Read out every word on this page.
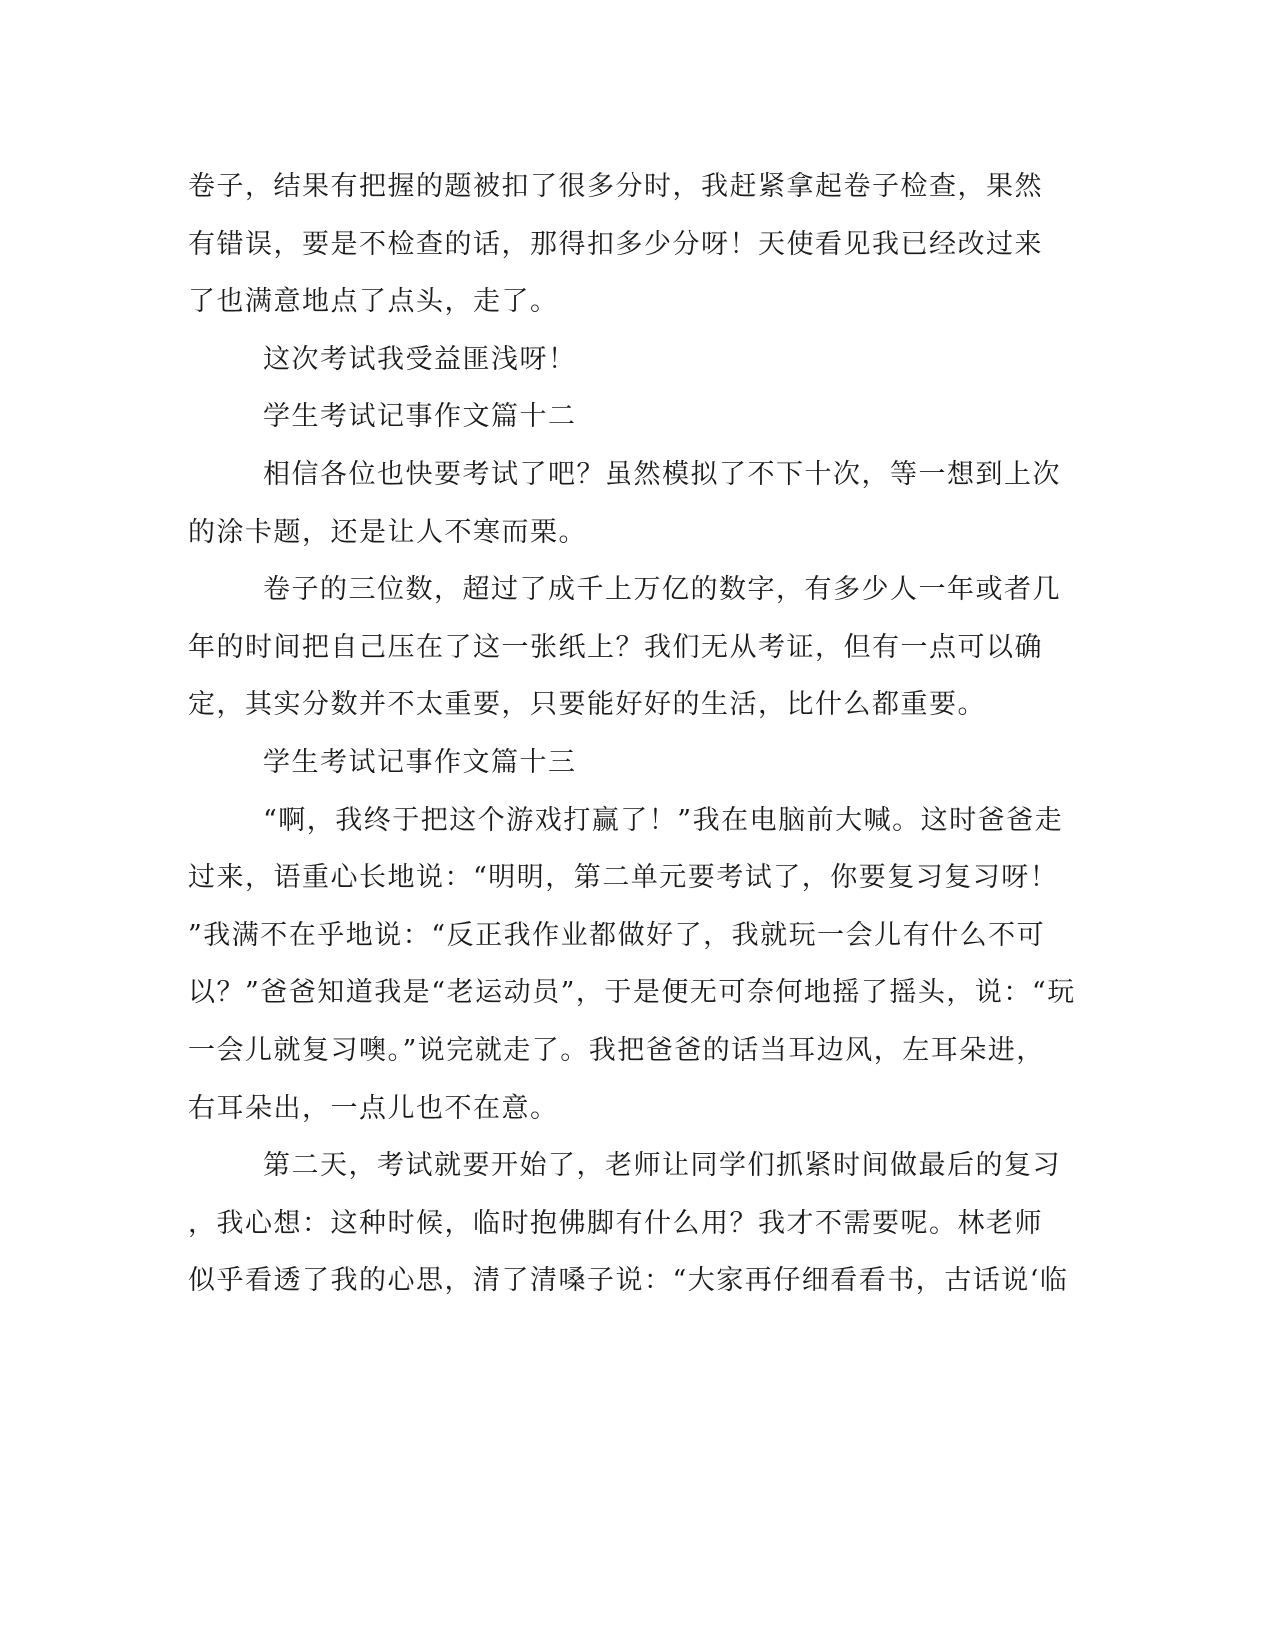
卷子，结果有把握的题被扣了很多分时，我赶紧拿起卷子检查，果然
有错误，要是不检查的话，那得扣多少分呀！天使看见我已经改过来
了也满意地点了点头，走了。
这次考试我受益匪浅呀！
学生考试记事作文篇十二
相信各位也快要考试了吧？虽然模拟了不下十次，等一想到上次
的涂卡题，还是让人不寒而栗。
卷子的三位数，超过了成千上万亿的数字，有多少人一年或者几
年的时间把自己压在了这一张纸上？我们无从考证，但有一点可以确
定，其实分数并不太重要，只要能好好的生活，比什么都重要。
学生考试记事作文篇十三
“啊，我终于把这个游戏打赢了！”我在电脑前大喊。这时爸爸走
过来，语重心长地说：“明明，第二单元要考试了，你要复习复习呀！
”我满不在乎地说：“反正我作业都做好了，我就玩一会儿有什么不可
以？”爸爸知道我是“老运动员”，于是便无可奈何地摇了摇头，说：“玩
一会儿就复习噢。”说完就走了。我把爸爸的话当耳边风，左耳朵进，
右耳朵出，一点儿也不在意。
第二天，考试就要开始了，老师让同学们抓紧时间做最后的复习
，我心想：这种时候，临时抱佛脚有什么用？我才不需要呢。林老师
似乎看透了我的心思，清了清嗓子说：“大家再仔细看看书，古话说‘临
